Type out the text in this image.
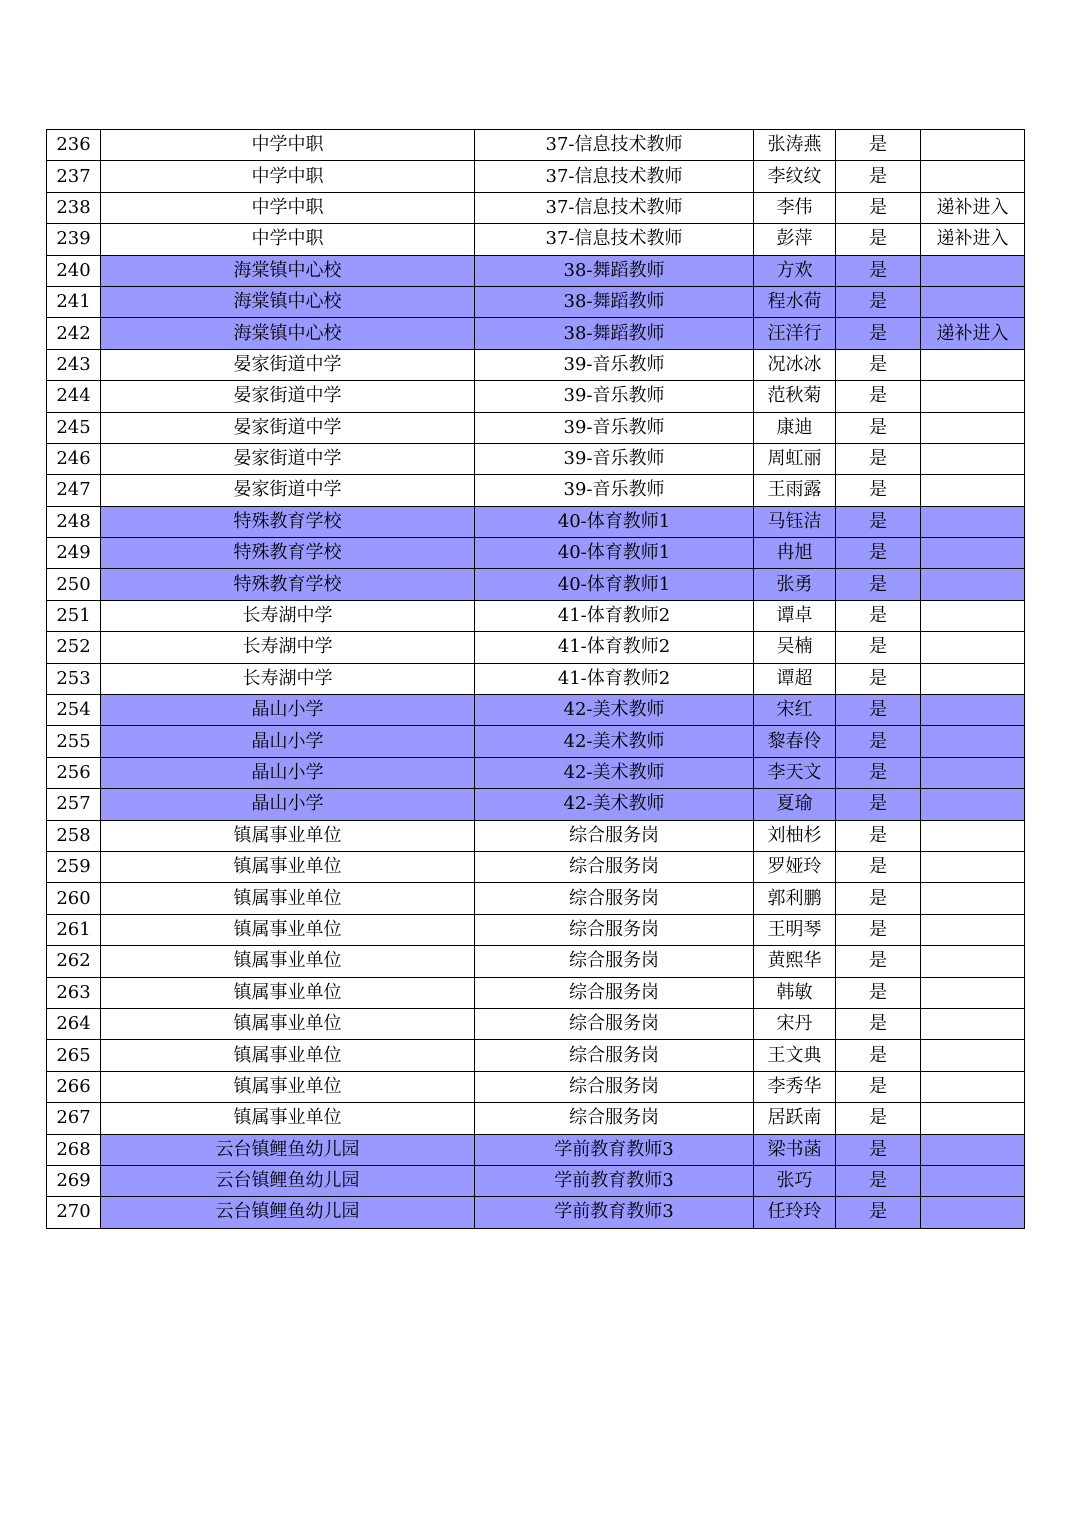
236	中学中职	37-信息技术教师	张涛燕	是	
237	中学中职	37-信息技术教师	李纹纹	是	
238	中学中职	37-信息技术教师	李伟	是	递补进入
239	中学中职	37-信息技术教师	彭萍	是	递补进入
240	海棠镇中心校	38-舞蹈教师	方欢	是	
241	海棠镇中心校	38-舞蹈教师	程水荷	是	
242	海棠镇中心校	38-舞蹈教师	汪洋行	是	递补进入
243	晏家街道中学	39-音乐教师	况冰冰	是	
244	晏家街道中学	39-音乐教师	范秋菊	是	
245	晏家街道中学	39-音乐教师	康迪	是	
246	晏家街道中学	39-音乐教师	周虹丽	是	
247	晏家街道中学	39-音乐教师	王雨露	是	
248	特殊教育学校	40-体育教师1	马钰洁	是	
249	特殊教育学校	40-体育教师1	冉旭	是	
250	特殊教育学校	40-体育教师1	张勇	是	
251	长寿湖中学	41-体育教师2	谭卓	是	
252	长寿湖中学	41-体育教师2	吴楠	是	
253	长寿湖中学	41-体育教师2	谭超	是	
254	晶山小学	42-美术教师	宋红	是	
255	晶山小学	42-美术教师	黎春伶	是	
256	晶山小学	42-美术教师	李天文	是	
257	晶山小学	42-美术教师	夏瑜	是	
258	镇属事业单位	综合服务岗	刘柚杉	是	
259	镇属事业单位	综合服务岗	罗娅玲	是	
260	镇属事业单位	综合服务岗	郭利鹏	是	
261	镇属事业单位	综合服务岗	王明琴	是	
262	镇属事业单位	综合服务岗	黄熙华	是	
263	镇属事业单位	综合服务岗	韩敏	是	
264	镇属事业单位	综合服务岗	宋丹	是	
265	镇属事业单位	综合服务岗	王文典	是	
266	镇属事业单位	综合服务岗	李秀华	是	
267	镇属事业单位	综合服务岗	居跃南	是	
268	云台镇鲤鱼幼儿园	学前教育教师3	梁书菡	是	
269	云台镇鲤鱼幼儿园	学前教育教师3	张巧	是	
270	云台镇鲤鱼幼儿园	学前教育教师3	任玲玲	是	
